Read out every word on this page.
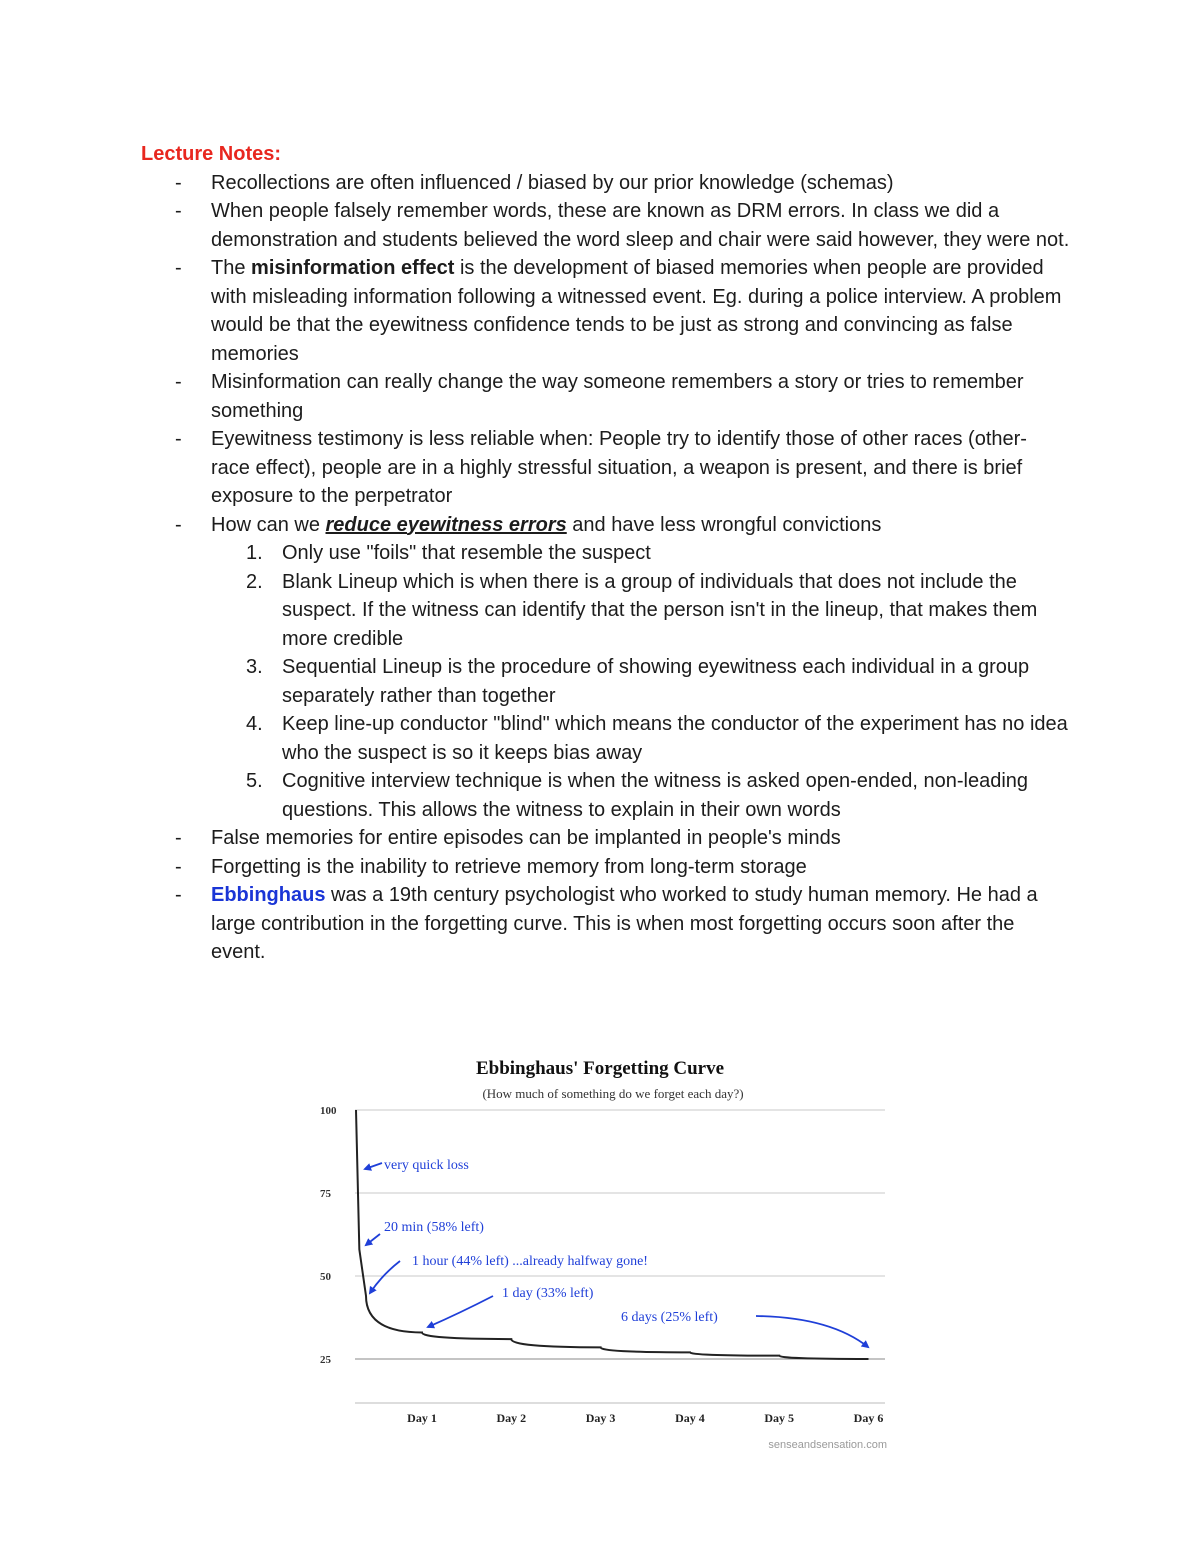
Lecture Notes:
- Recollections are often influenced / biased by our prior knowledge (schemas)
- When people falsely remember words, these are known as DRM errors. In class we did a demonstration and students believed the word sleep and chair were said however, they were not.
- The misinformation effect is the development of biased memories when people are provided with misleading information following a witnessed event. Eg. during a police interview. A problem would be that the eyewitness confidence tends to be just as strong and convincing as false memories
- Misinformation can really change the way someone remembers a story or tries to remember something
- Eyewitness testimony is less reliable when: People try to identify those of other races (other- race effect), people are in a highly stressful situation, a weapon is present, and there is brief exposure to the perpetrator
- How can we reduce eyewitness errors and have less wrongful convictions
1. Only use "foils" that resemble the suspect
2. Blank Lineup which is when there is a group of individuals that does not include the suspect. If the witness can identify that the person isn't in the lineup, that makes them more credible
3. Sequential Lineup is the procedure of showing eyewitness each individual in a group separately rather than together
4. Keep line-up conductor "blind" which means the conductor of the experiment has no idea who the suspect is so it keeps bias away
5. Cognitive interview technique is when the witness is asked open-ended, non-leading questions. This allows the witness to explain in their own words
- False memories for entire episodes can be implanted in people's minds
- Forgetting is the inability to retrieve memory from long-term storage
- Ebbinghaus was a 19th century psychologist who worked to study human memory. He had a large contribution in the forgetting curve. This is when most forgetting occurs soon after the event.
Ebbinghaus' Forgetting Curve
(How much of something do we forget each day?)
100
75
50
25
Day 1	Day 2	Day 3	Day 4	Day 5	Day 6
very quick loss
20 min (58% left)
1 hour (44% left) ...already halfway gone!
1 day (33% left)
6 days (25% left)
senseandsensation.com
